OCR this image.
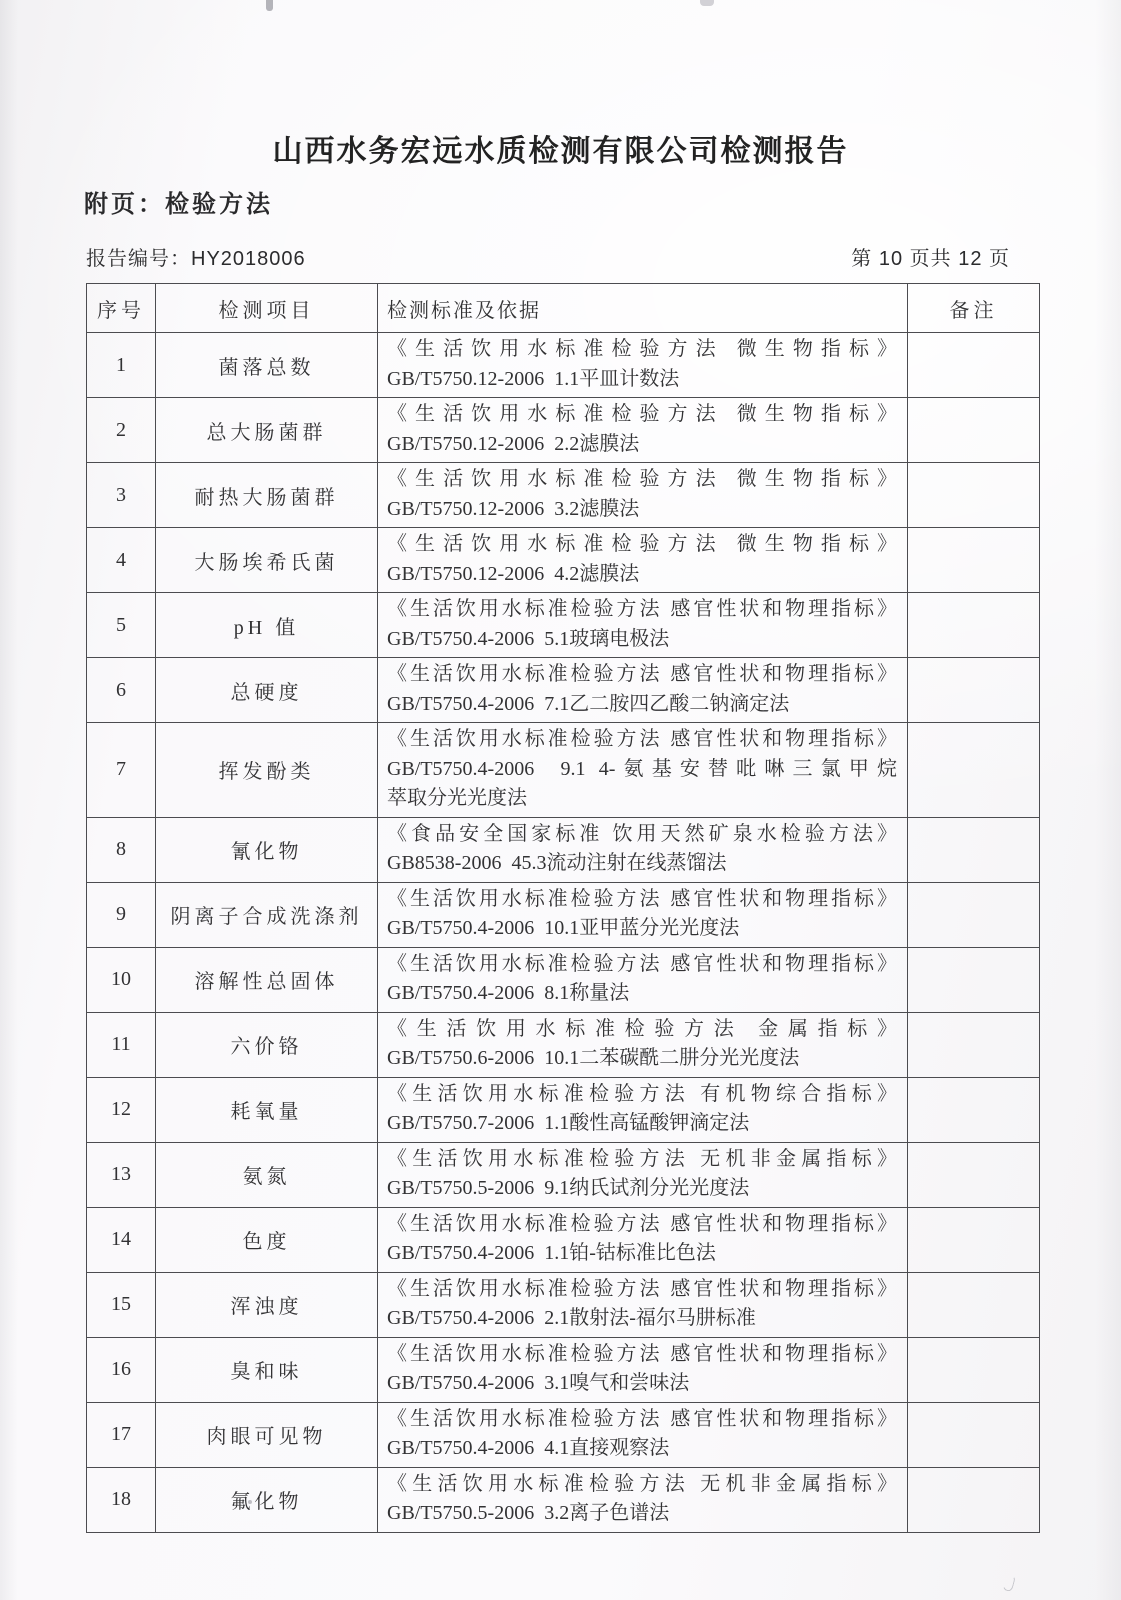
山西水务宏远水质检测有限公司检测报告
附页：检验方法
报告编号：HY2018006	第 10 页共 12 页
序号	检测项目	检测标准及依据	备注
1	菌落总数	《生活饮用水标准检验方法 微生物指标》
GB/T5750.12-2006  1.1平皿计数法	

2	总大肠菌群	《生活饮用水标准检验方法 微生物指标》
GB/T5750.12-2006  2.2滤膜法	

3	耐热大肠菌群	《生活饮用水标准检验方法 微生物指标》
GB/T5750.12-2006  3.2滤膜法	

4	大肠埃希氏菌	《生活饮用水标准检验方法 微生物指标》
GB/T5750.12-2006  4.2滤膜法	

5	pH 值	《生活饮用水标准检验方法 感官性状和物理指标》
GB/T5750.4-2006  5.1玻璃电极法	

6	总硬度	《生活饮用水标准检验方法 感官性状和物理指标》
GB/T5750.4-2006  7.1乙二胺四乙酸二钠滴定法	

7	挥发酚类	《生活饮用水标准检验方法 感官性状和物理指标》
GB/T5750.4-2006  9.1 4-氨基安替吡啉三氯甲烷
萃取分光光度法	

8	氰化物	《食品安全国家标准 饮用天然矿泉水检验方法》
GB8538-2006  45.3流动注射在线蒸馏法	

9	阴离子合成洗涤剂	《生活饮用水标准检验方法 感官性状和物理指标》
GB/T5750.4-2006  10.1亚甲蓝分光光度法	

10	溶解性总固体	《生活饮用水标准检验方法 感官性状和物理指标》
GB/T5750.4-2006  8.1称量法	

11	六价铬	《生活饮用水标准检验方法 金属指标》
GB/T5750.6-2006  10.1二苯碳酰二肼分光光度法	

12	耗氧量	《生活饮用水标准检验方法 有机物综合指标》
GB/T5750.7-2006  1.1酸性高锰酸钾滴定法	

13	氨氮	《生活饮用水标准检验方法 无机非金属指标》
GB/T5750.5-2006  9.1纳氏试剂分光光度法	

14	色度	《生活饮用水标准检验方法 感官性状和物理指标》
GB/T5750.4-2006  1.1铂-钴标准比色法	

15	浑浊度	《生活饮用水标准检验方法 感官性状和物理指标》
GB/T5750.4-2006  2.1散射法-福尔马肼标准	

16	臭和味	《生活饮用水标准检验方法 感官性状和物理指标》
GB/T5750.4-2006  3.1嗅气和尝味法	

17	肉眼可见物	《生活饮用水标准检验方法 感官性状和物理指标》
GB/T5750.4-2006  4.1直接观察法	

18	氟化物	《生活饮用水标准检验方法 无机非金属指标》
GB/T5750.5-2006  3.2离子色谱法	
